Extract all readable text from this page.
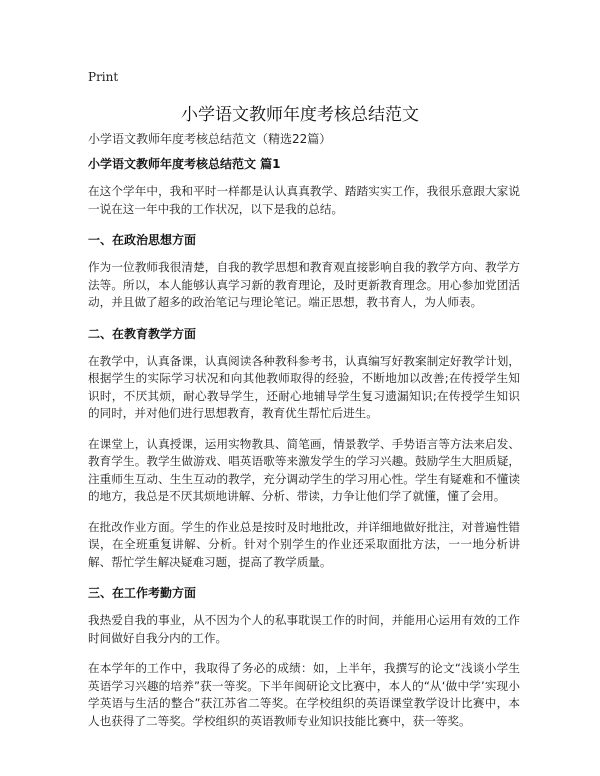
Print
小学语文教师年度考核总结范文
小学语文教师年度考核总结范文（精选22篇）
小学语文教师年度考核总结范文 篇1

在这个学年中，我和平时一样都是认认真真教学、踏踏实实工作，我很乐意跟大家说一说在这一年中我的工作状况，以下是我的总结。

一、在政治思想方面

作为一位教师我很清楚，自我的教学思想和教育观直接影响自我的教学方向、教学方法等。所以，本人能够认真学习新的教育理论，及时更新教育理念。用心参加党团活动，并且做了超多的政治笔记与理论笔记。端正思想，教书育人，为人师表。

二、在教育教学方面

在教学中，认真备课，认真阅读各种教科参考书，认真编写好教案制定好教学计划，根据学生的实际学习状况和向其他教师取得的经验，不断地加以改善;在传授学生知识时，不厌其烦，耐心教导学生，还耐心地辅导学生复习遗漏知识;在传授学生知识的同时，并对他们进行思想教育，教育优生帮忙后进生。

在课堂上，认真授课，运用实物教具、简笔画，情景教学、手势语言等方法来启发、教育学生。教学生做游戏、唱英语歌等来激发学生的学习兴趣。鼓励学生大胆质疑，注重师生互动、生生互动的教学，充分调动学生的学习用心性。学生有疑难和不懂读的地方，我总是不厌其烦地讲解、分析、带读，力争让他们学了就懂，懂了会用。

在批改作业方面。学生的作业总是按时及时地批改，并详细地做好批注，对普遍性错误，在全班重复讲解、分析。针对个别学生的作业还采取面批方法，一一地分析讲解、帮忙学生解决疑难习题，提高了教学质量。

三、在工作考勤方面

我热爱自我的事业，从不因为个人的私事耽误工作的时间，并能用心运用有效的工作时间做好自我分内的工作。

在本学年的工作中，我取得了务必的成绩：如，上半年，我撰写的论文“浅谈小学生英语学习兴趣的培养”获一等奖。下半年闽研论文比赛中，本人的“从‘做中学’实现小学英语与生活的整合”获江苏省二等奖。在学校组织的英语课堂教学设计比赛中，本人也获得了二等奖。学校组织的英语教师专业知识技能比赛中，获一等奖。
